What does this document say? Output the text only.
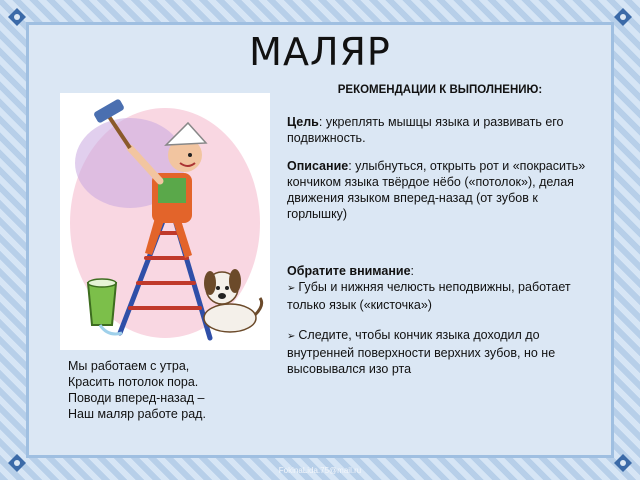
МАЛЯР
РЕКОМЕНДАЦИИ К ВЫПОЛНЕНИЮ:
Цель: укреплять мышцы языка и развивать его подвижность.
Описание: улыбнуться, открыть рот и «покрасить» кончиком языка твёрдое нёбо («потолок»), делая движения языком вперед-назад (от зубов к горлышку)
Обратите внимание:
➢ Губы и нижняя челюсть неподвижны, работает только язык («кисточка»)
➢ Следите, чтобы кончик языка доходил до внутренней поверхности верхних зубов, но не высовывался изо рта
Мы работаем с утра,
Красить потолок пора.
Поводи вперед-назад –
Наш маляр работе рад.
FokinaLida.75@mail.ru
